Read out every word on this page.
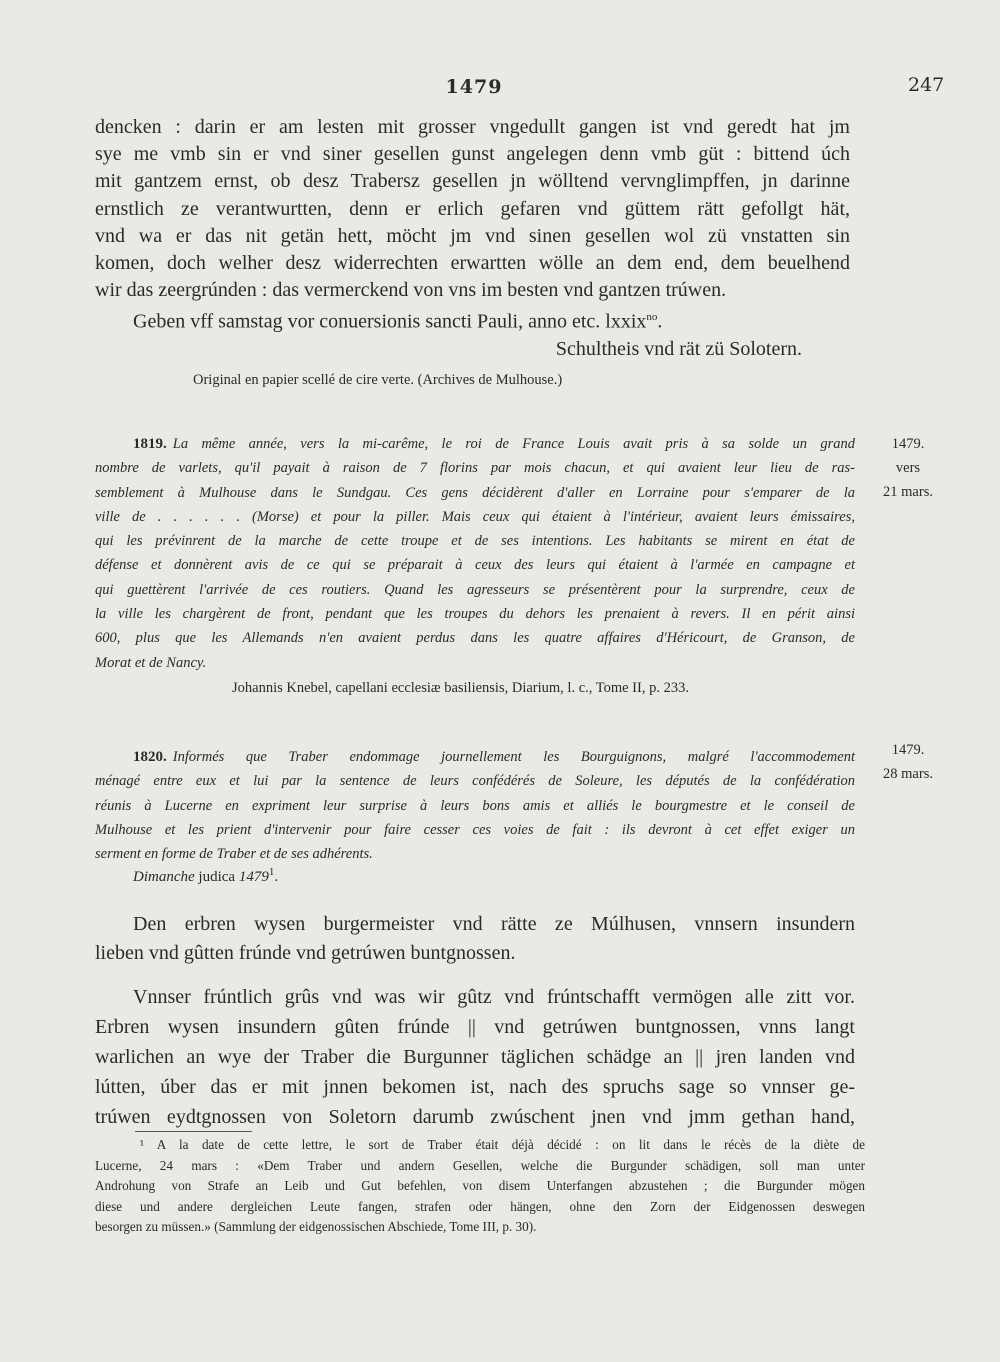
1479	247
dencken : darin er am lesten mit grosser vngedullt gangen ist vnd geredt hat jm
sye me vmb sin er vnd siner gesellen gunst angelegen denn vmb güt : bittend úch
mit gantzem ernst, ob desz Trabersz gesellen jn wölltend vervnglimpffen, jn darinne
ernstlich ze verantwurtten, denn er erlich gefaren vnd güttem rätt gefollgt hät,
vnd wa er das nit getän hett, möcht jm vnd sinen gesellen wol zü vnstatten sin
komen, doch welher desz widerrechten erwartten wölle an dem end, dem beuelhend
wir das zeergrúnden : das vermerckend von vns im besten vnd gantzen trúwen.
Geben vff samstag vor conuersionis sancti Pauli, anno etc. lxxix$^{no}$.
Schultheis vnd rät zü Solotern.
Original en papier scellé de cire verte. (Archives de Mulhouse.)
1819. La même année, vers la mi-carême, le roi de France Louis avait pris à sa solde un grand
nombre de varlets, qu'il payait à raison de 7 florins par mois chacun, et qui avaient leur lieu de ras-
semblement à Mulhouse dans le Sundgau. Ces gens décidèrent d'aller en Lorraine pour s'emparer de la
ville de . . . . . . (Morse) et pour la piller. Mais ceux qui étaient à l'intérieur, avaient leurs émissaires,
qui les prévinrent de la marche de cette troupe et de ses intentions. Les habitants se mirent en état de
défense et donnèrent avis de ce qui se préparait à ceux des leurs qui étaient à l'armée en campagne et
qui guettèrent l'arrivée de ces routiers. Quand les agresseurs se présentèrent pour la surprendre, ceux de
la ville les chargèrent de front, pendant que les troupes du dehors les prenaient à revers. Il en périt ainsi
600, plus que les Allemands n'en avaient perdus dans les quatre affaires d'Héricourt, de Granson, de
Morat et de Nancy.
1479.
vers
21 mars.
Johannis Knebel, capellani ecclesiæ basiliensis, Diarium, l. c., Tome II, p. 233.
1820. Informés que Traber endommage journellement les Bourguignons, malgré l'accommodement
ménagé entre eux et lui par la sentence de leurs confédérés de Soleure, les députés de la confédération
réunis à Lucerne en expriment leur surprise à leurs bons amis et alliés le bourgmestre et le conseil de
Mulhouse et les prient d'intervenir pour faire cesser ces voies de fait : ils devront à cet effet exiger un
serment en forme de Traber et de ses adhérents.
1479.
28 mars.
Dimanche judica 1479$^1$.
Den erbren wysen burgermeister vnd rätte ze Múlhusen, vnnsern insundern
lieben vnd gûtten frúnde vnd getrúwen buntgnossen.
Vnnser frúntlich grûs vnd was wir gûtz vnd frúntschafft vermögen alle zitt vor.
Erbren wysen insundern gûten frúnde || vnd getrúwen buntgnossen, vnns langt
warlichen an wye der Traber die Burgunner täglichen schädge an || jren landen vnd
lútten, úber das er mit jnnen bekomen ist, nach des spruchs sage so vnnser ge-
trúwen eydtgnossen von Soletorn darumb zwúschent jnen vnd jmm gethan hand,
¹ A la date de cette lettre, le sort de Traber était déjà décidé : on lit dans le récès de la diète de
Lucerne, 24 mars : «Dem Traber und andern Gesellen, welche die Burgunder schädigen, soll man unter
Androhung von Strafe an Leib und Gut befehlen, von disem Unterfangen abzustehen ; die Burgunder mögen
diese und andere dergleichen Leute fangen, strafen oder hängen, ohne den Zorn der Eidgenossen deswegen
besorgen zu müssen.» (Sammlung der eidgenossischen Abschiede, Tome III, p. 30).
